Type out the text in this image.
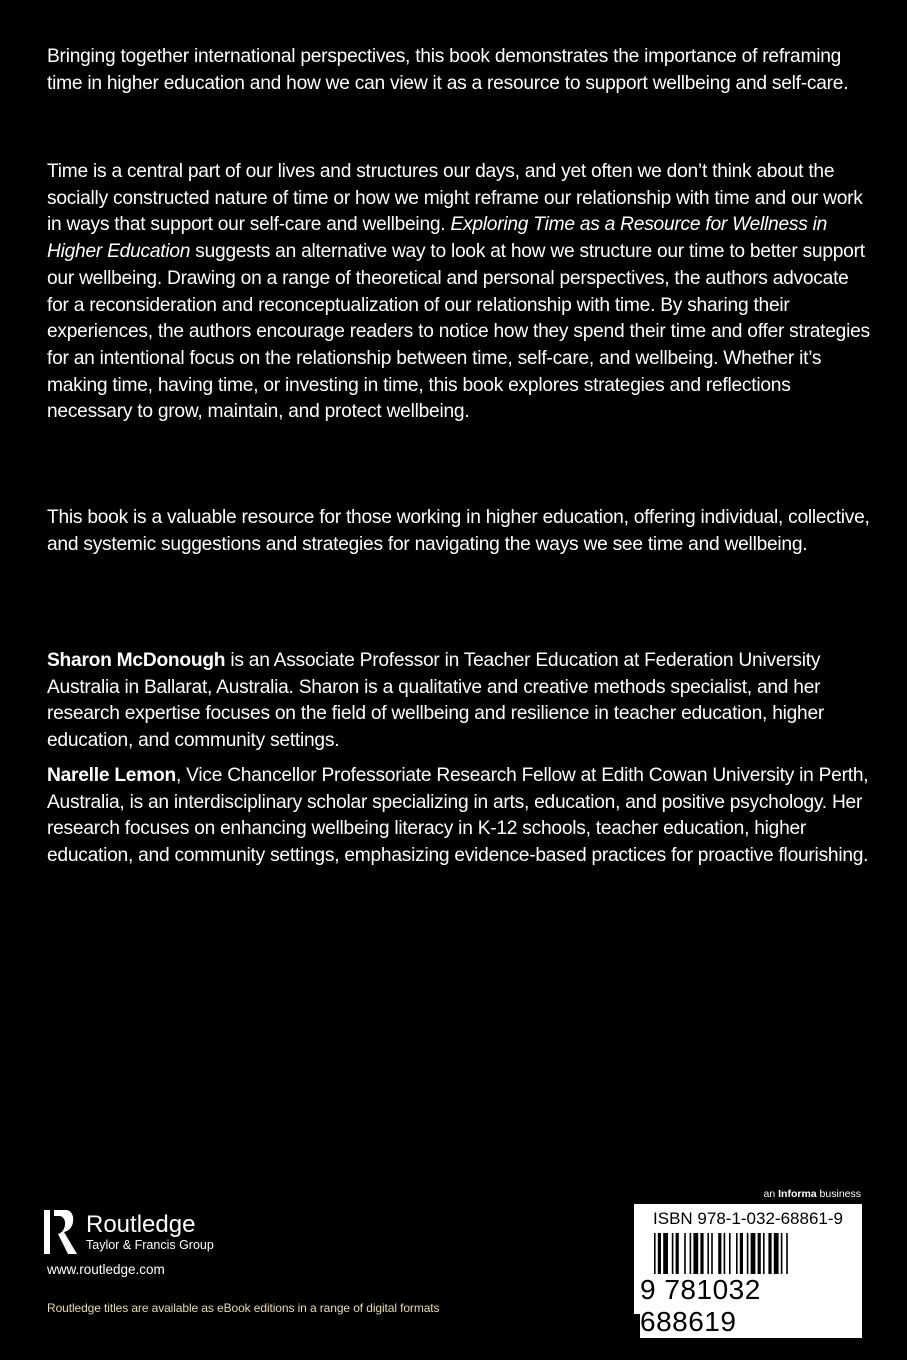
Bringing together international perspectives, this book demonstrates the importance of reframing time in higher education and how we can view it as a resource to support wellbeing and self-care.

Time is a central part of our lives and structures our days, and yet often we don’t think about the socially constructed nature of time or how we might reframe our relationship with time and our work in ways that support our self-care and wellbeing. Exploring Time as a Resource for Wellness in Higher Education suggests an alternative way to look at how we structure our time to better support our wellbeing. Drawing on a range of theoretical and personal perspectives, the authors advocate for a reconsideration and reconceptualization of our relationship with time. By sharing their experiences, the authors encourage readers to notice how they spend their time and offer strategies for an intentional focus on the relationship between time, self-care, and wellbeing. Whether it’s making time, having time, or investing in time, this book explores strategies and reflections necessary to grow, maintain, and protect wellbeing.

This book is a valuable resource for those working in higher education, offering individual, collective, and systemic suggestions and strategies for navigating the ways we see time and wellbeing.

Sharon McDonough is an Associate Professor in Teacher Education at Federation University Australia in Ballarat, Australia. Sharon is a qualitative and creative methods specialist, and her research expertise focuses on the field of wellbeing and resilience in teacher education, higher education, and community settings.

Narelle Lemon, Vice Chancellor Professoriate Research Fellow at Edith Cowan University in Perth, Australia, is an interdisciplinary scholar specializing in arts, education, and positive psychology. Her research focuses on enhancing wellbeing literacy in K-12 schools, teacher education, higher education, and community settings, emphasizing evidence-based practices for proactive flourishing.

Routledge
Taylor & Francis Group
www.routledge.com
Routledge titles are available as eBook editions in a range of digital formats
an Informa business
ISBN 978-1-032-68861-9
9 781032 688619
